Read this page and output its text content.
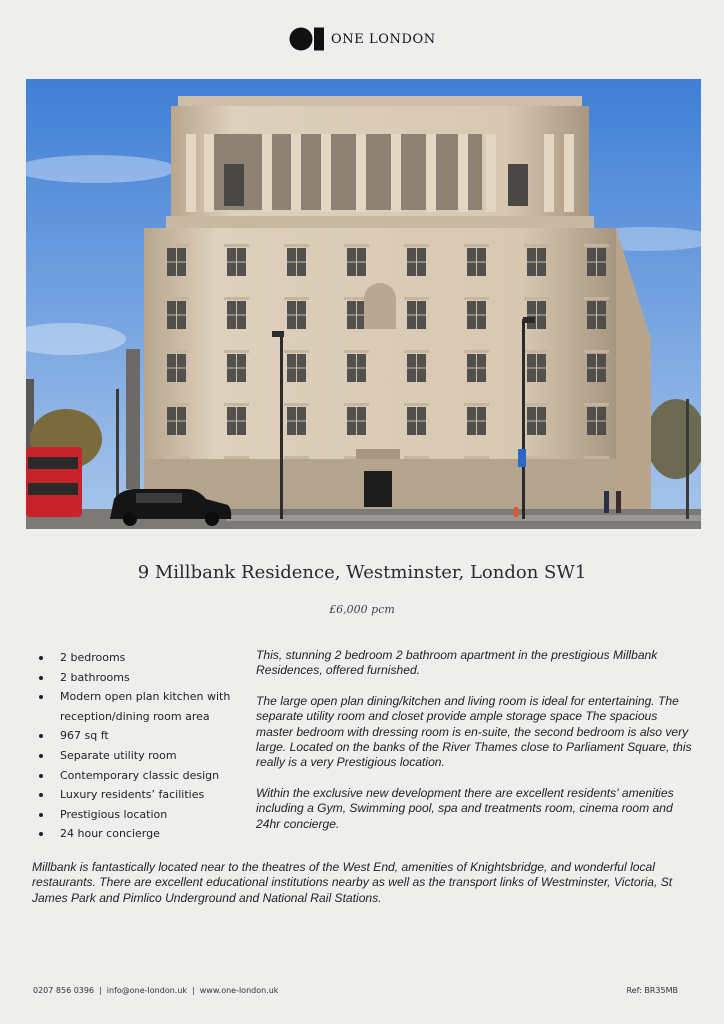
ONE LONDON
9 Millbank Residence, Westminster, London SW1
£6,000 pcm
2 bedrooms
2 bathrooms
Modern open plan kitchen with reception/dining room area
967 sq ft
Separate utility room
Contemporary classic design
Luxury residents’ facilities
Prestigious location
24 hour concierge

This, stunning 2 bedroom 2 bathroom apartment in the prestigious Millbank Residences, offered furnished.

The large open plan dining/kitchen and living room is ideal for entertaining. The separate utility room and closet provide ample storage space The spacious master bedroom with dressing room is en-suite, the second bedroom is also very large. Located on the banks of the River Thames close to Parliament Square, this really is a very Prestigious location.

Within the exclusive new development there are excellent residents' amenities including a Gym, Swimming pool, spa and treatments room, cinema room and 24hr concierge.

Millbank is fantastically located near to the theatres of the West End, amenities of Knightsbridge, and wonderful local restaurants. There are excellent educational institutions nearby as well as the transport links of Westminster, Victoria, St James Park and Pimlico Underground and National Rail Stations.
0207 856 0396 | info@one-london.uk | www.one-london.uk	Ref: BR35MB
